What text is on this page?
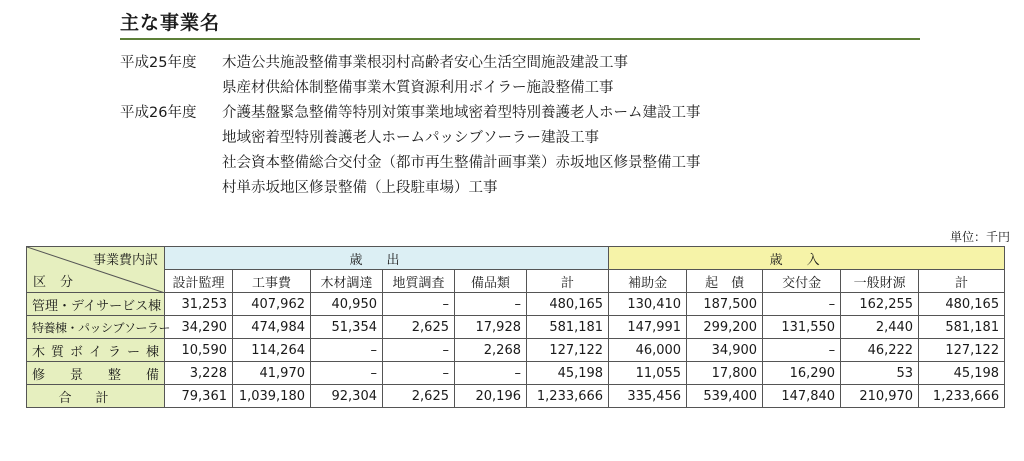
主な事業名
平成25年度	木造公共施設整備事業根羽村高齢者安心生活空間施設建設工事
県産材供給体制整備事業木質資源利用ボイラー施設整備工事
平成26年度	介護基盤緊急整備等特別対策事業地域密着型特別養護老人ホーム建設工事
地域密着型特別養護老人ホームパッシブソーラー建設工事
社会資本整備総合交付金（都市再生整備計画事業）赤坂地区修景整備工事
村単赤坂地区修景整備（上段駐車場）工事
単位：千円
事業費内訳
区分	歳出						歳入				
	設計監理	工事費	木材調達	地質調査	備品類	計	補助金	起　債	交付金	一般財源	計
管理・デイサービス棟	31,253	407,962	40,950	–	–	480,165	130,410	187,500	–	162,255	480,165
特養棟・パッシブソーラー	34,290	474,984	51,354	2,625	17,928	581,181	147,991	299,200	131,550	2,440	581,181
木質ボイラー棟	10,590	114,264	–	–	2,268	127,122	46,000	34,900	–	46,222	127,122
修景整備	3,228	41,970	–	–	–	45,198	11,055	17,800	16,290	53	45,198
合計	79,361	1,039,180	92,304	2,625	20,196	1,233,666	335,456	539,400	147,840	210,970	1,233,666
